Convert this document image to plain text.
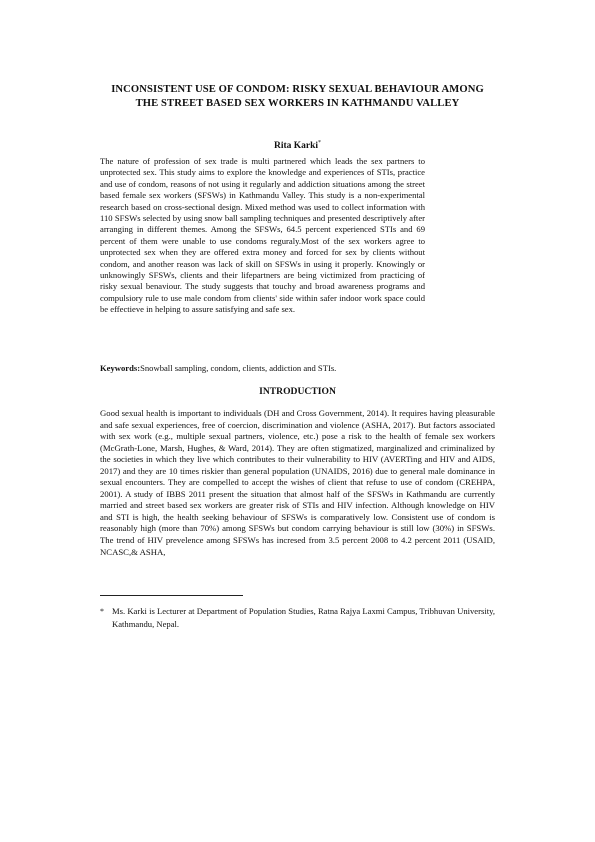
INCONSISTENT USE OF CONDOM: RISKY SEXUAL BEHAVIOUR AMONG THE STREET BASED SEX WORKERS IN KATHMANDU VALLEY
Rita Karki*
The nature of profession of sex trade is multi partnered which leads the sex partners to unprotected sex. This study aims to explore the knowledge and experiences of STIs, practice and use of condom, reasons of not using it regularly and addiction situations among the street based female sex workers (SFSWs) in Kathmandu Valley. This study is a non-experimental research based on cross-sectional design. Mixed method was used to collect information with 110 SFSWs selected by using snow ball sampling techniques and presented descriptively after arranging in different themes. Among the SFSWs, 64.5 percent experienced STIs and 69 percent of them were unable to use condoms reguraly.Most of the sex workers agree to unprotected sex when they are offered extra money and forced for sex by clients without condom, and another reason was lack of skill on SFSWs in using it properly. Knowingly or unknowingly SFSWs, clients and their lifepartners are being victimized from practicing of risky sexual benaviour. The study suggests that touchy and broad awareness programs and compulsiory rule to use male condom from clients' side within safer indoor work space could be effectieve in helping to assure satisfying and safe sex.
Keywords:Snowball sampling, condom, clients, addiction and STIs.
INTRODUCTION
Good sexual health is important to individuals (DH and Cross Government, 2014). It requires having pleasurable and safe sexual experiences, free of coercion, discrimination and violence (ASHA, 2017). But factors associated with sex work (e.g., multiple sexual partners, violence, etc.) pose a risk to the health of female sex workers (McGrath-Lone, Marsh, Hughes, & Ward, 2014). They are often stigmatized, marginalized and criminalized by the societies in which they live which contributes to their vulnerability to HIV (AVERTing and HIV and AIDS, 2017) and they are 10 times riskier than general population (UNAIDS, 2016) due to general male dominance in sexual encounters. They are compelled to accept the wishes of client that refuse to use of condom (CREHPA, 2001). A study of IBBS 2011 present the situation that almost half of the SFSWs in Kathmandu are currently married and street based sex workers are greater risk of STIs and HIV infection. Although knowledge on HIV and STI is high, the health seeking behaviour of SFSWs is comparatively low. Consistent use of condom is reasonably high (more than 70%) among SFSWs but condom carrying behaviour is still low (30%) in SFSWs. The trend of HIV prevelence among SFSWs has incresed from 3.5 percent 2008 to 4.2 percent 2011 (USAID, NCASC,& ASHA,
* Ms. Karki is Lecturer at Department of Population Studies, Ratna Rajya Laxmi Campus, Tribhuvan University, Kathmandu, Nepal.
